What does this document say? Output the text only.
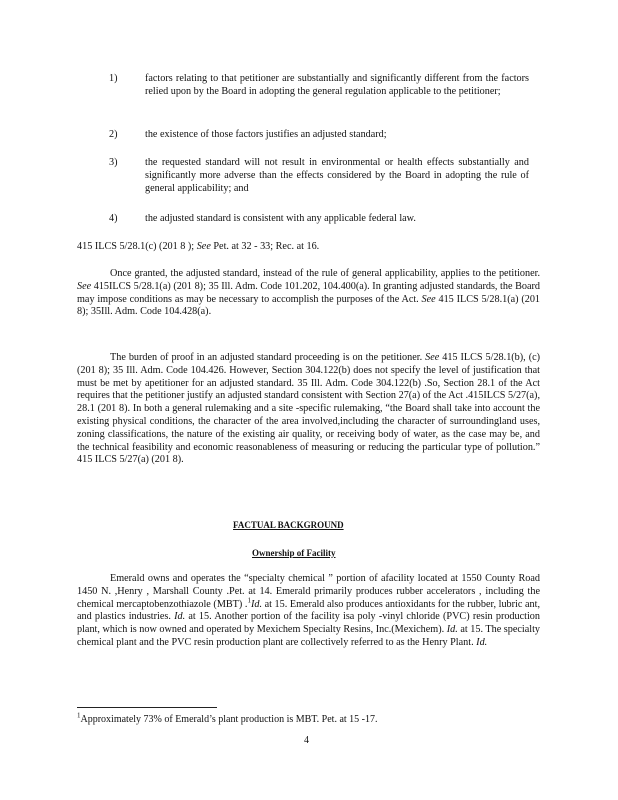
1)	factors relating to that petitioner are substantially and significantly different from the factors relied upon by the Board in adopting the general regulation applicable to the petitioner;
2)	the existence of those factors justifies an adjusted standard;
3)	the requested standard will not result in environmental or health effects substantially and significantly more adverse than the effects considered by the Board in adopting the rule of general applicability; and
4)	the adjusted standard is consistent with any applicable federal law.
415 ILCS 5/28.1(c) (201 8 ); See Pet. at 32 - 33; Rec. at 16.
Once granted, the adjusted standard, instead of the rule of general applicability, applies to the petitioner. See 415ILCS 5/28.1(a) (201 8); 35 Ill. Adm. Code 101.202, 104.400(a). In granting adjusted standards, the Board may impose conditions as may be necessary to accomplish the purposes of the Act. See 415 ILCS 5/28.1(a) (201 8); 35Ill. Adm. Code 104.428(a).
The burden of proof in an adjusted standard proceeding is on the petitioner. See 415 ILCS 5/28.1(b), (c) (201 8); 35 Ill. Adm. Code 104.426. However, Section 304.122(b) does not specify the level of justification that must be met by apetitioner for an adjusted standard. 35 Ill. Adm. Code 304.122(b) .So, Section 28.1 of the Act requires that the petitioner justify an adjusted standard consistent with Section 27(a) of the Act .415ILCS 5/27(a), 28.1 (201 8). In both a general rulemaking and a site -specific rulemaking, “the Board shall take into account the existing physical conditions, the character of the area involved,including the character of surroundingland uses, zoning classifications, the nature of the existing air quality, or receiving body of water, as the case may be, and the technical feasibility and economic reasonableness of measuring or reducing the particular type of pollution.” 415 ILCS 5/27(a) (201 8).
FACTUAL BACKGROUND
Ownership of Facility
Emerald owns and operates the “specialty chemical ” portion of afacility located at 1550 County Road 1450 N. ,Henry , Marshall County .Pet. at 14. Emerald primarily produces rubber accelerators , including the chemical mercaptobenzothiazole (MBT) .$^1$Id. at 15. Emerald also produces antioxidants for the rubber, lubric ant, and plastics industries. Id. at 15. Another portion of the facility isa poly -vinyl chloride (PVC) resin production plant, which is now owned and operated by Mexichem Specialty Resins, Inc.(Mexichem). Id. at 15. The specialty chemical plant and the PVC resin production plant are collectively referred to as the Henry Plant. Id.
$^1$Approximately 73% of Emerald’s plant production is MBT. Pet. at 15 -17.
4
